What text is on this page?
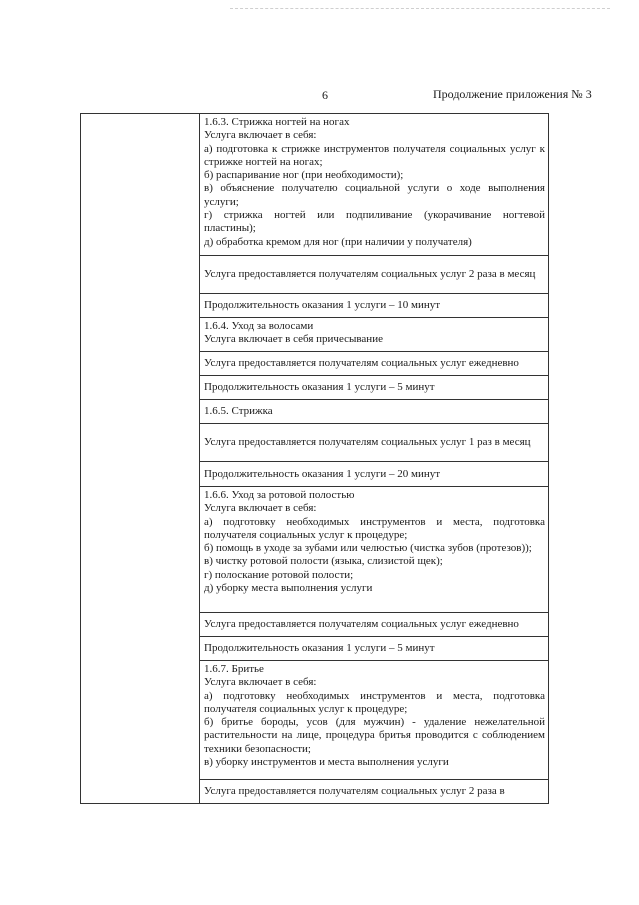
6	Продолжение приложения № 3

1.6.3. Стрижка ногтей на ногах
Услуга включает в себя:
а) подготовка к стрижке инструментов получателя социальных услуг к стрижке ногтей на ногах;
б) распаривание ног (при необходимости);
в) объяснение получателю социальной услуги о ходе выполнения услуги;
г) стрижка ногтей или подпиливание (укорачивание ногтевой пластины);
д) обработка кремом для ног (при наличии у получателя)

Услуга предоставляется получателям социальных услуг 2 раза в месяц
Продолжительность оказания 1 услуги – 10 минут

1.6.4. Уход за волосами
Услуга включает в себя причесывание

Услуга предоставляется получателям социальных услуг ежедневно
Продолжительность оказания 1 услуги – 5 минут
1.6.5. Стрижка
Услуга предоставляется получателям социальных услуг 1 раз в месяц
Продолжительность оказания 1 услуги – 20 минут

1.6.6. Уход за ротовой полостью
Услуга включает в себя:
а) подготовку необходимых инструментов и места, подготовка получателя социальных услуг к процедуре;
б) помощь в уходе за зубами или челюстью (чистка зубов (протезов));
в) чистку ротовой полости (языка, слизистой щек);
г) полоскание ротовой полости;
д) уборку места выполнения услуги

Услуга предоставляется получателям социальных услуг ежедневно
Продолжительность оказания 1 услуги – 5 минут

1.6.7. Бритье
Услуга включает в себя:
а) подготовку необходимых инструментов и места, подготовка получателя социальных услуг к процедуре;
б) бритье бороды, усов (для мужчин) - удаление нежелательной растительности на лице, процедура бритья проводится с соблюдением техники безопасности;
в) уборку инструментов и места выполнения услуги

Услуга предоставляется получателям социальных услуг 2 раза в
